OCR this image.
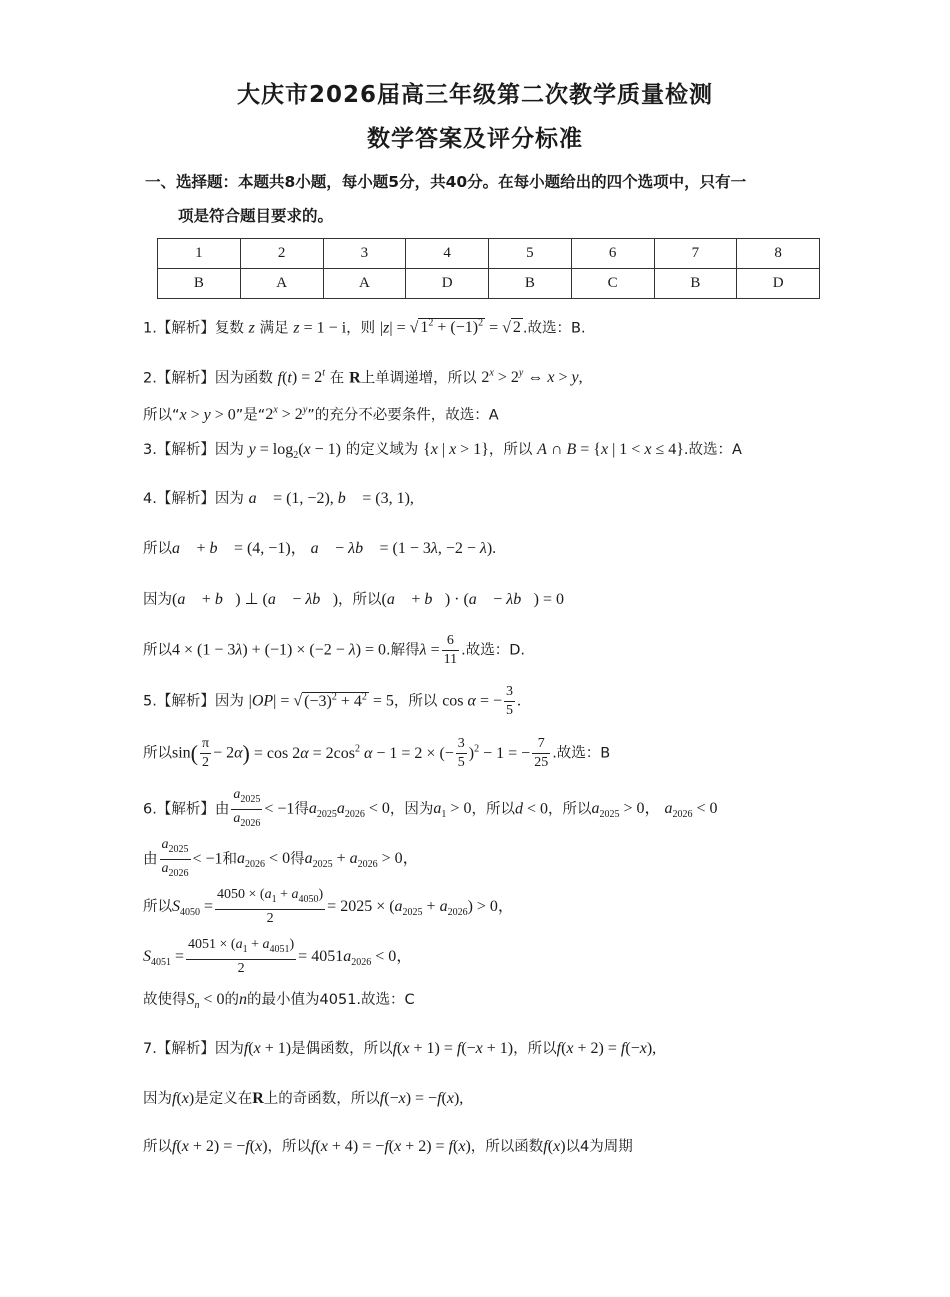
大庆市2026届高三年级第二次教学质量检测
数学答案及评分标准
一、选择题：本题共8小题，每小题5分，共40分。在每小题给出的四个选项中，只有一
项是符合题目要求的。
1	2	3	4	5	6	7	8
B	A	A	D	B	C	B	D
1.【解析】复数 z 满足 z = 1 − i，则 |z| = √ $1^2 + (-1)^2$ = √ 2 .故选：B.
2.【解析】因为函数 $f(t) = 2^t$ 在 R上单调递增，所以 $2^x > 2^y$ ⇔ x > y,
所以“x > y > 0”是“$2^x > 2^y$”的充分不必要条件，故选：A
3.【解析】因为 $y = \log_2(x - 1)$ 的定义域为 {x | x > 1}，所以 A ∩ B = {x | 1 < x ≤ 4}.故选：A
4.【解析】因为 a⃗ = (1, −2), b⃗ = (3, 1),
所以a⃗ + b⃗ = (4, −1)， a⃗ − λb⃗ = (1 − 3λ, −2 − λ).
因为(a⃗ + b⃗) ⊥ (a⃗ − λb⃗)，所以(a⃗ + b⃗) · (a⃗ − λb⃗) = 0
所以4 × (1 − 3λ) + (−1) × (−2 − λ) = 0.解得$\lambda = \frac{6}{11}$ .故选：D.
5.【解析】因为 |OP| = √ $(-3)^2 + 4^2 = 5$，所以 cos α = − $\frac{3}{5}$ .
所以$\sin( \frac{\pi}{2} - 2\alpha) = \cos 2\alpha = 2\cos^2$ α − 1 = 2 × (− $\frac{3}{5} )^2 - 1$ = − $\frac{7}{25}$ .故选：B
6.【解析】由 $\frac{a_{2025}}{a_{2026}} < -1$得$a_{2025}a_{2026} < 0$，因为$a_1 > 0$，所以d < 0，所以$a_{2025} > 0$， $a_{2026} < 0$
由 $\frac{a_{2025}}{a_{2026}} < -1$和$a_{2026} < 0$得$a_{2025} + a_{2026} > 0$，
所以$S_{4050} = \frac{4050 \times (a_1 + a_{4050})}{2} = 2025 \times (a_{2025} + a_{2026}) > 0$，
$S_{4051} = \frac{4051 \times (a_1 + a_{4051})}{2} = 4051a_{2026} < 0$，
故使得$S_n < 0$的n的最小值为4051.故选：C
7.【解析】因为f(x + 1)是偶函数，所以f(x + 1) = f(−x + 1)，所以f(x + 2) = f(−x),
因为f(x)是定义在R上的奇函数，所以f(−x) = −f(x),
所以f(x + 2) = −f(x)，所以f(x + 4) = −f(x + 2) = f(x)，所以函数f(x)以4为周期
